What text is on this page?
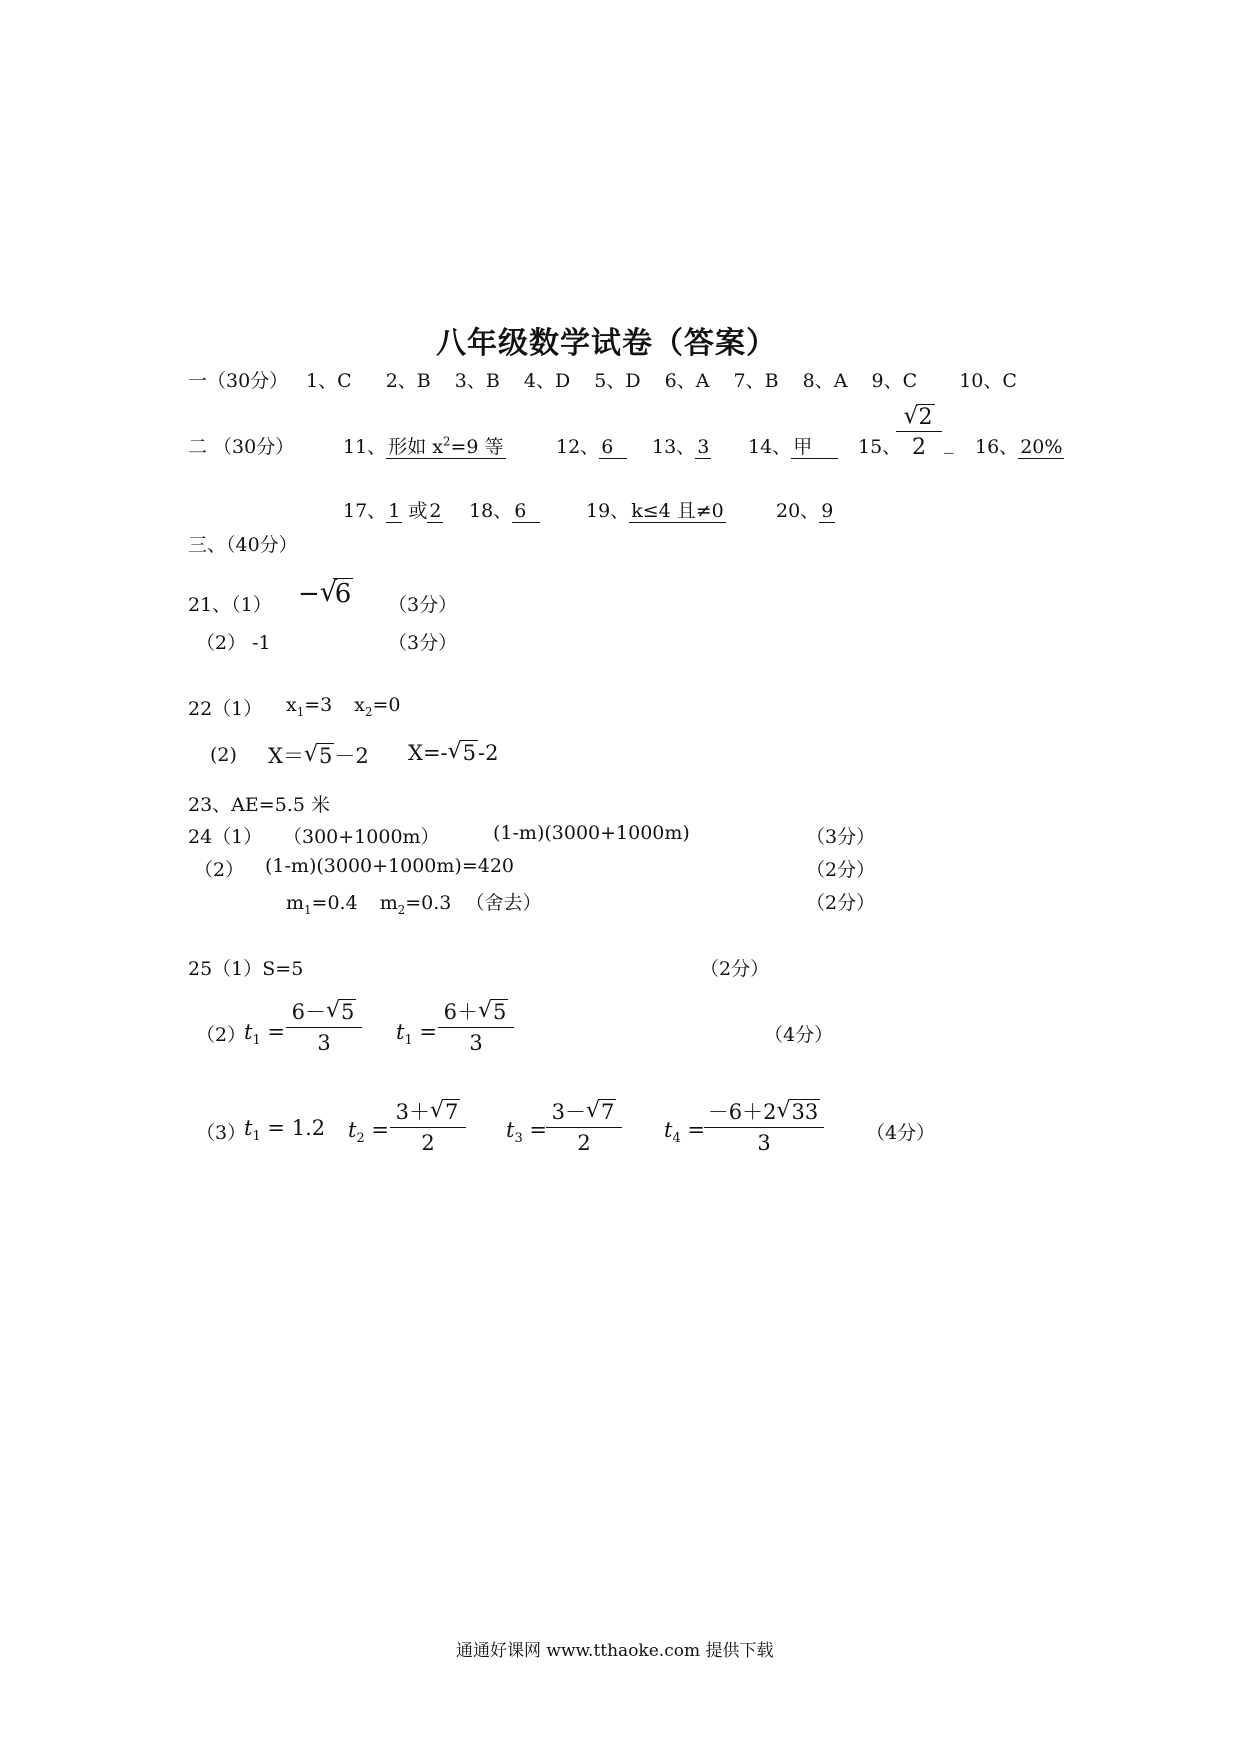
八年级数学试卷（答案）
一（30分） 1、C 2、B 3、B 4、D 5、D 6、A 7、B 8、A 9、C 10、C
二 （30分）	11、 形如 $x^2=9$ 等	12、 6	13、 3 14、 甲	15、
$\frac{√ 2}{2}$ _ 16、 20%
17、 1 或 2 18、 6	19、 k≤4 且≠0	20、 9
三、（40分）
21、（1） − √
6 （3分）
（2） -1	（3分）
22（1） $x_1=3$ $x_2=0$
(2) X＝ √ 5－2 X=- √ 5-2
23、AE=5.5 米
24（1） （300+1000m）	(1-m)(3000+1000m)	（3分）
（2） (1-m)(3000+1000m)=420	（2分）
$m_1=0.4$ $m_2=0.3$ （舍去）	（2分）
25（1）S=5	（2分）
（2）
$t_1 = \frac{6- √ 5}{3} t_1 = \frac{6+ √ 5}{3}$	（4分）
（3）
$t_1 = 1.2$ $t_2 = \frac{3+ √ 7}{2} t_3$ =
$\frac{3- √ 7}{2} t_4$ =
$\frac{-6+2 √ 33}{3} (4$分）
通通好课网 www.tthaoke.com 提供下载
